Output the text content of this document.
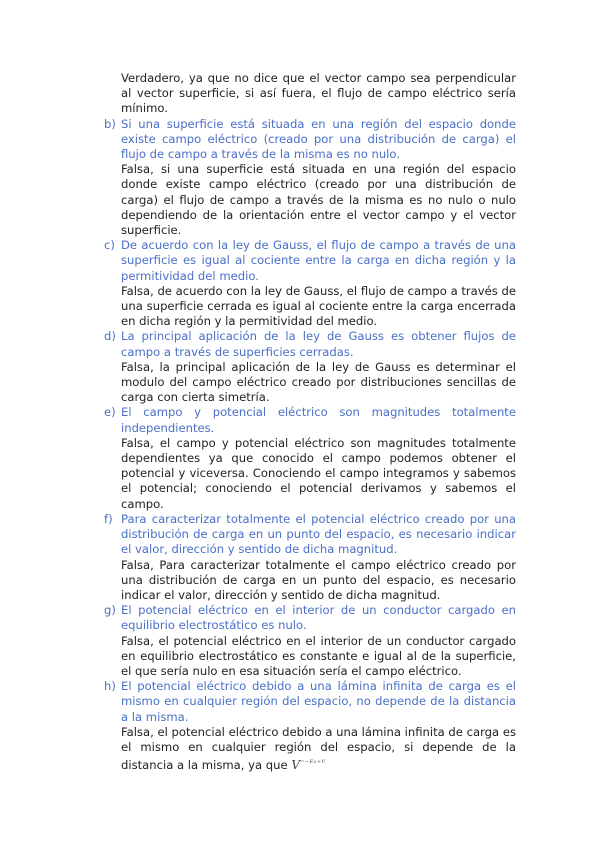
Verdadero, ya que no dice que el vector campo sea perpendicular al vector superficie, si así fuera, el flujo de campo eléctrico sería mínimo.
b) Si una superficie está situada en una región del espacio donde existe campo eléctrico (creado por una distribución de carga) el flujo de campo a través de la misma es no nulo.
Falsa, si una superficie está situada en una región del espacio donde existe campo eléctrico (creado por una distribución de carga) el flujo de campo a través de la misma es no nulo o nulo dependiendo de la orientación entre el vector campo y el vector superficie.
c) De acuerdo con la ley de Gauss, el flujo de campo a través de una superficie es igual al cociente entre la carga en dicha región y la permitividad del medio.
Falsa, de acuerdo con la ley de Gauss, el flujo de campo a través de una superficie cerrada es igual al cociente entre la carga encerrada en dicha región y la permitividad del medio.
d) La principal aplicación de la ley de Gauss es obtener flujos de campo a través de superficies cerradas.
Falsa, la principal aplicación de la ley de Gauss es determinar el modulo del campo eléctrico creado por distribuciones sencillas de carga con cierta simetría.
e) El campo y potencial eléctrico son magnitudes totalmente independientes.
Falsa, el campo y potencial eléctrico son magnitudes totalmente dependientes ya que conocido el campo podemos obtener el potencial y viceversa. Conociendo el campo integramos y sabemos el potencial; conociendo el potencial derivamos y sabemos el campo.
f) Para caracterizar totalmente el potencial eléctrico creado por una distribución de carga en un punto del espacio, es necesario indicar el valor, dirección y sentido de dicha magnitud.
Falsa, Para caracterizar totalmente el campo eléctrico creado por una distribución de carga en un punto del espacio, es necesario indicar el valor, dirección y sentido de dicha magnitud.
g) El potencial eléctrico en el interior de un conductor cargado en equilibrio electrostático es nulo.
Falsa, el potencial eléctrico en el interior de un conductor cargado en equilibrio electrostático es constante e igual al de la superficie, el que sería nulo en esa situación sería el campo eléctrico.
h) El potencial eléctrico debido a una lámina infinita de carga es el mismo en cualquier región del espacio, no depende de la distancia a la misma.
Falsa, el potencial eléctrico debido a una lámina infinita de carga es el mismo en cualquier región del espacio, si depende de la distancia a la misma, ya que $V^{=-Ex+V}$
